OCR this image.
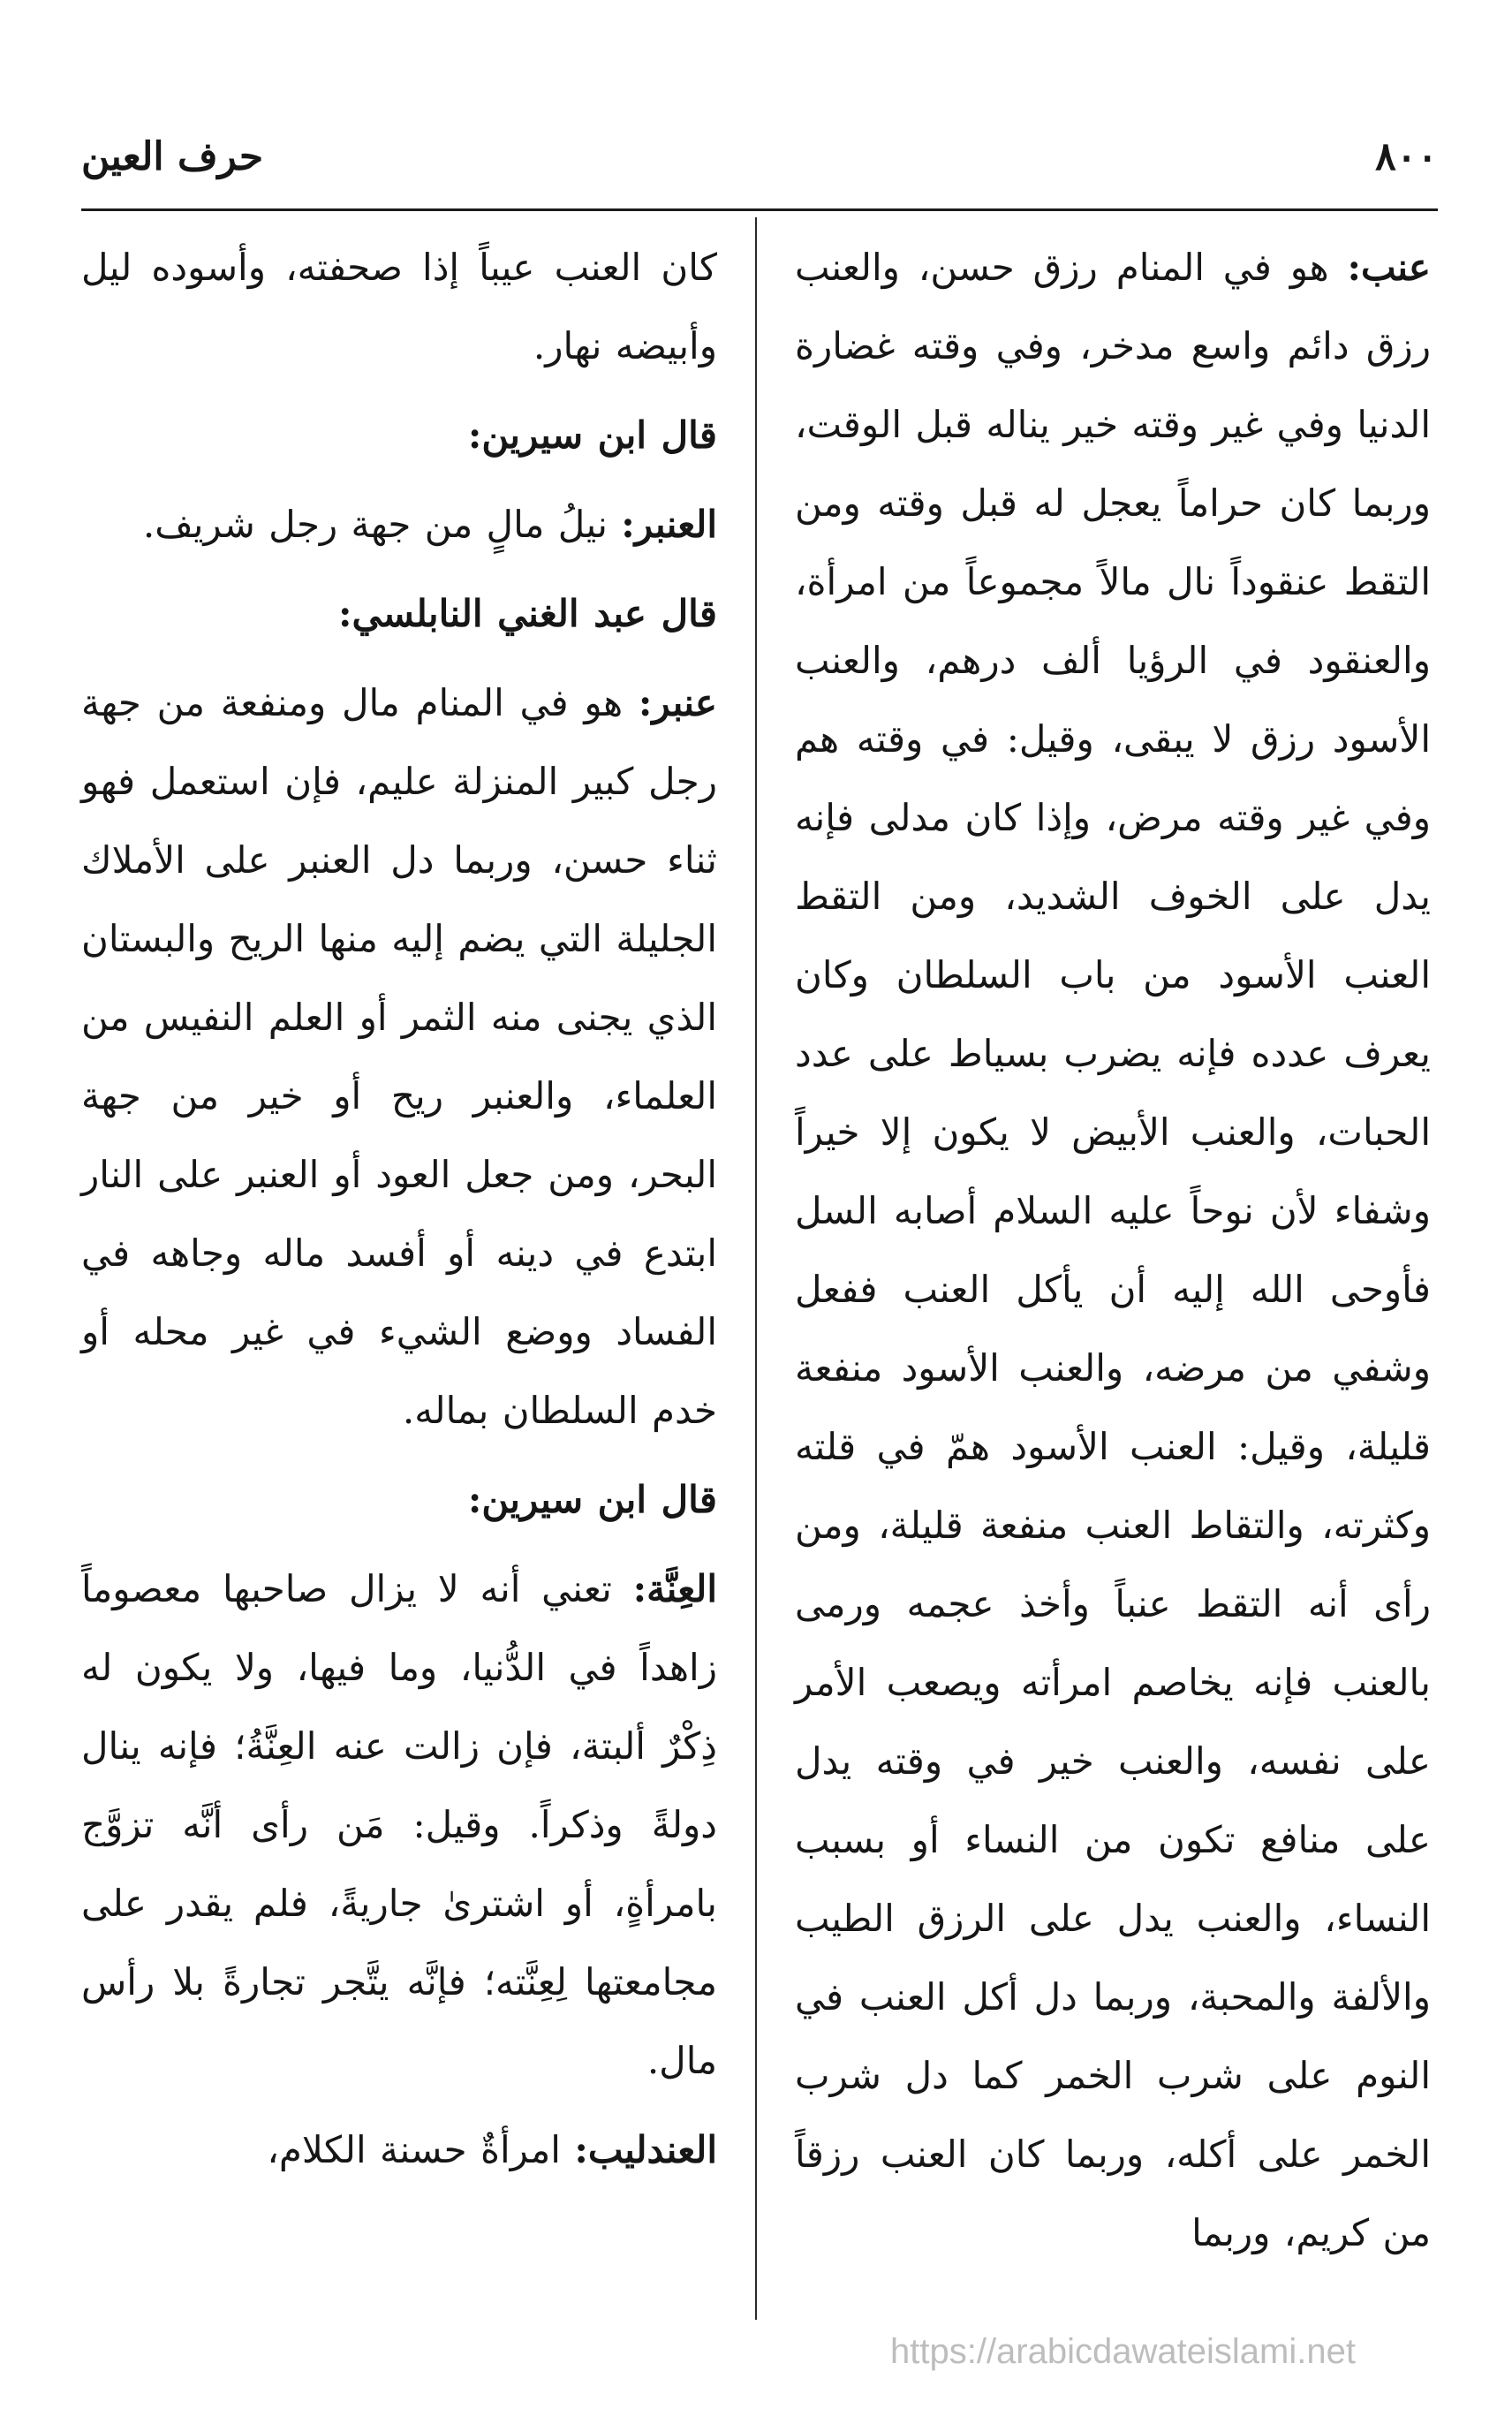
٨٠٠
حرف العين

عنب: هو في المنام رزق حسن، والعنب رزق دائم واسع مدخر، وفي وقته غضارة الدنيا وفي غير وقته خير يناله قبل الوقت، وربما كان حراماً يعجل له قبل وقته ومن التقط عنقوداً نال مالاً مجموعاً من امرأة، والعنقود في الرؤيا ألف درهم، والعنب الأسود رزق لا يبقى، وقيل: في وقته هم وفي غير وقته مرض، وإذا كان مدلى فإنه يدل على الخوف الشديد، ومن التقط العنب الأسود من باب السلطان وكان يعرف عدده فإنه يضرب بسياط على عدد الحبات، والعنب الأبيض لا يكون إلا خيراً وشفاء لأن نوحاً عليه السلام أصابه السل فأوحى الله إليه أن يأكل العنب ففعل وشفي من مرضه، والعنب الأسود منفعة قليلة، وقيل: العنب الأسود همّ في قلته وكثرته، والتقاط العنب منفعة قليلة، ومن رأى أنه التقط عنباً وأخذ عجمه ورمى بالعنب فإنه يخاصم امرأته ويصعب الأمر على نفسه، والعنب خير في وقته يدل على منافع تكون من النساء أو بسبب النساء، والعنب يدل على الرزق الطيب والألفة والمحبة، وربما دل أكل العنب في النوم على شرب الخمر كما دل شرب الخمر على أكله، وربما كان العنب رزقاً من كريم، وربما

كان العنب عيباً إذا صحفته، وأسوده ليل وأبيضه نهار.

قال ابن سيرين:

العنبر: نيلُ مالٍ من جهة رجل شريف.

قال عبد الغني النابلسي:

عنبر: هو في المنام مال ومنفعة من جهة رجل كبير المنزلة عليم، فإن استعمل فهو ثناء حسن، وربما دل العنبر على الأملاك الجليلة التي يضم إليه منها الريح والبستان الذي يجنى منه الثمر أو العلم النفيس من العلماء، والعنبر ريح أو خير من جهة البحر، ومن جعل العود أو العنبر على النار ابتدع في دينه أو أفسد ماله وجاهه في الفساد ووضع الشيء في غير محله أو خدم السلطان بماله.

قال ابن سيرين:

العِنَّة: تعني أنه لا يزال صاحبها معصوماً زاهداً في الدُّنيا، وما فيها، ولا يكون له ذِكْرٌ ألبتة، فإن زالت عنه العِنَّةُ؛ فإنه ينال دولةً وذكراً. وقيل: مَن رأى أنَّه تزوَّج بامرأةٍ، أو اشترىٰ جاريةً، فلم يقدر على مجامعتها لِعِنَّته؛ فإنَّه يتَّجر تجارةً بلا رأس مال.

العندليب: امرأةٌ حسنة الكلام،

https://arabicdawateislami.net
